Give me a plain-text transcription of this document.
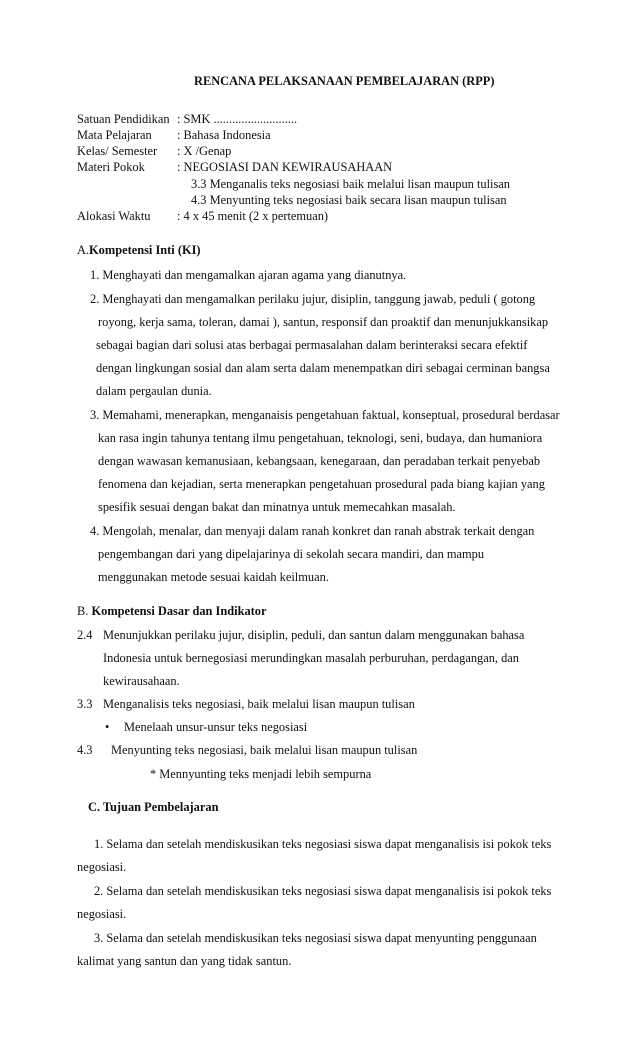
RENCANA PELAKSANAAN PEMBELAJARAN (RPP)
Satuan Pendidikan : SMK ...........................
Mata Pelajaran : Bahasa Indonesia
Kelas/ Semester : X /Genap
Materi Pokok	: NEGOSIASI DAN KEWIRAUSAHAAN
3.3 Menganalis teks negosiasi baik melalui lisan maupun tulisan
4.3 Menyunting teks negosiasi baik secara lisan maupun tulisan
Alokasi Waktu : 4 x 45 menit (2 x pertemuan)
A.Kompetensi Inti (KI)
1. Menghayati dan mengamalkan ajaran agama yang dianutnya.
2. Menghayati dan mengamalkan perilaku jujur, disiplin, tanggung jawab, peduli ( gotong
royong, kerja sama, toleran, damai ), santun, responsif dan proaktif dan menunjukkansikap
sebagai bagian dari solusi atas berbagai permasalahan dalam berinteraksi secara efektif
dengan lingkungan sosial dan alam serta dalam menempatkan diri sebagai cerminan bangsa
dalam pergaulan dunia.
3. Memahami, menerapkan, menganaisis pengetahuan faktual, konseptual, prosedural berdasar
kan rasa ingin tahunya tentang ilmu pengetahuan, teknologi, seni, budaya, dan humaniora
dengan wawasan kemanusiaan, kebangsaan, kenegaraan, dan peradaban terkait penyebab
fenomena dan kejadian, serta menerapkan pengetahuan prosedural pada biang kajian yang
spesifik sesuai dengan bakat dan minatnya untuk memecahkan masalah.
4. Mengolah, menalar, dan menyaji dalam ranah konkret dan ranah abstrak terkait dengan
pengembangan dari yang dipelajarinya di sekolah secara mandiri, dan mampu
menggunakan metode sesuai kaidah keilmuan.
B. Kompetensi Dasar dan Indikator
2.4 Menunjukkan perilaku jujur, disiplin, peduli, dan santun dalam menggunakan bahasa
Indonesia untuk bernegosiasi merundingkan masalah perburuhan, perdagangan, dan
kewirausahaan.
3.3 Menganalisis teks negosiasi, baik melalui lisan maupun tulisan
• Menelaah unsur-unsur teks negosiasi
4.3 Menyunting teks negosiasi, baik melalui lisan maupun tulisan
* Mennyunting teks menjadi lebih sempurna
C. Tujuan Pembelajaran
1. Selama dan setelah mendiskusikan teks negosiasi siswa dapat menganalisis isi pokok teks
negosiasi.
2. Selama dan setelah mendiskusikan teks negosiasi siswa dapat menganalisis isi pokok teks
negosiasi.
3. Selama dan setelah mendiskusikan teks negosiasi siswa dapat menyunting penggunaan
kalimat yang santun dan yang tidak santun.
